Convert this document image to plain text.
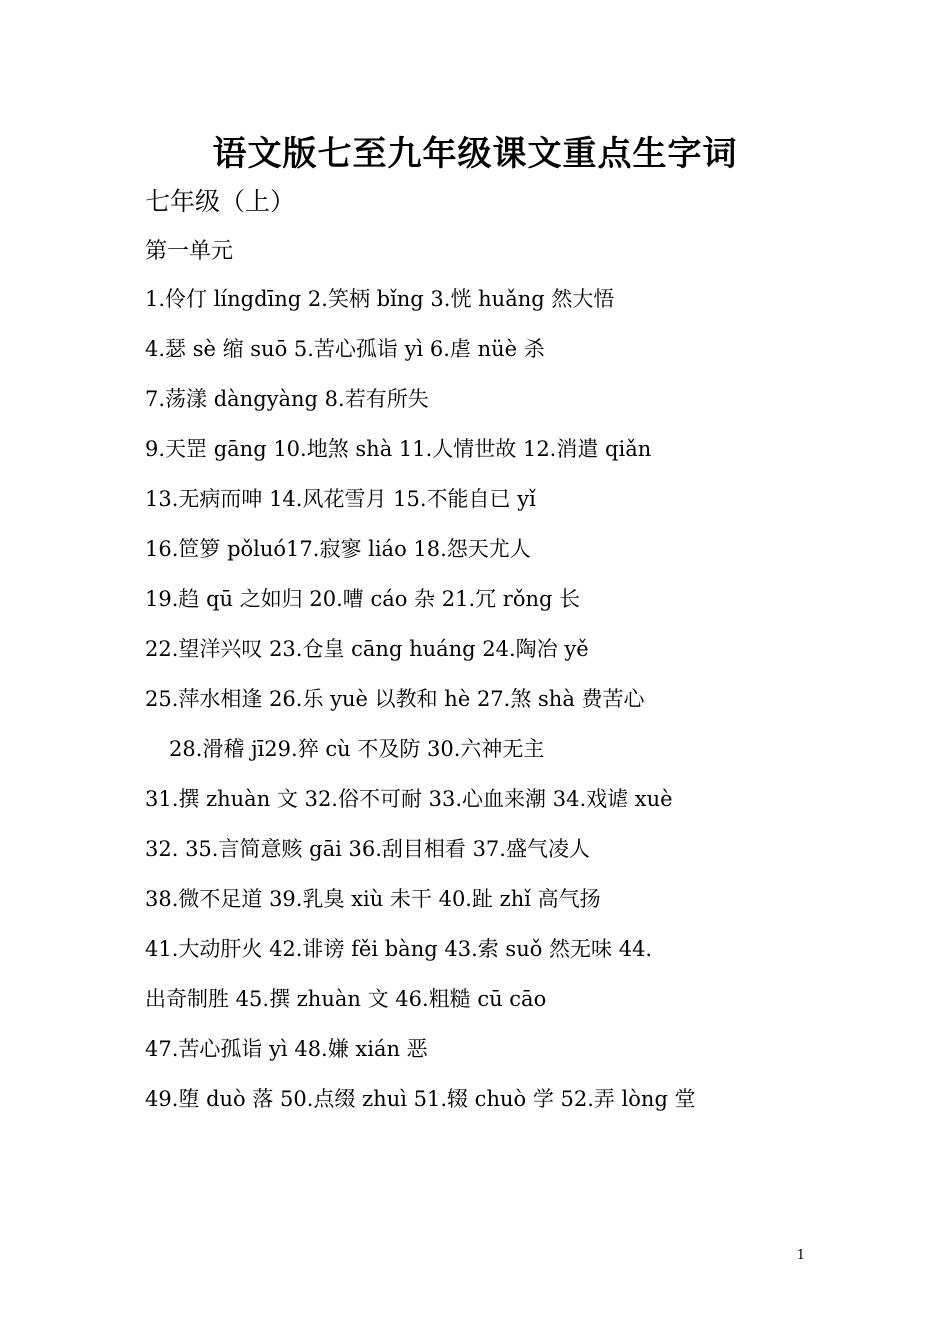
语文版七至九年级课文重点生字词
七年级（上）
第一单元
1.伶仃 língdīng 2.笑柄 bǐng 3.恍 huǎng 然大悟
4.瑟 sè 缩 suō 5.苦心孤诣 yì 6.虐 nüè 杀
7.荡漾 dàngyàng 8.若有所失
9.天罡 gāng 10.地煞 shà 11.人情世故 12.消遣 qiǎn
13.无病而呻 14.风花雪月 15.不能自已 yǐ
16.笸箩 pǒluó17.寂寥 liáo 18.怨天尤人
19.趋 qū 之如归 20.嘈 cáo 杂 21.冗 rǒng 长
22.望洋兴叹 23.仓皇 cāng huáng 24.陶冶 yě
25.萍水相逢 26.乐 yuè 以教和 hè 27.煞 shà 费苦心
28.滑稽 jī29.猝 cù 不及防 30.六神无主
31.撰 zhuàn 文 32.俗不可耐 33.心血来潮 34.戏谑 xuè
32. 35.言简意赅 gāi 36.刮目相看 37.盛气凌人
38.微不足道 39.乳臭 xiù 未干 40.趾 zhǐ 高气扬
41.大动肝火 42.诽谤 fěi bàng 43.索 suǒ 然无味 44.
出奇制胜 45.撰 zhuàn 文 46.粗糙 cū cāo
47.苦心孤诣 yì 48.嫌 xián 恶
49.堕 duò 落 50.点缀 zhuì 51.辍 chuò 学 52.弄 lòng 堂
1
